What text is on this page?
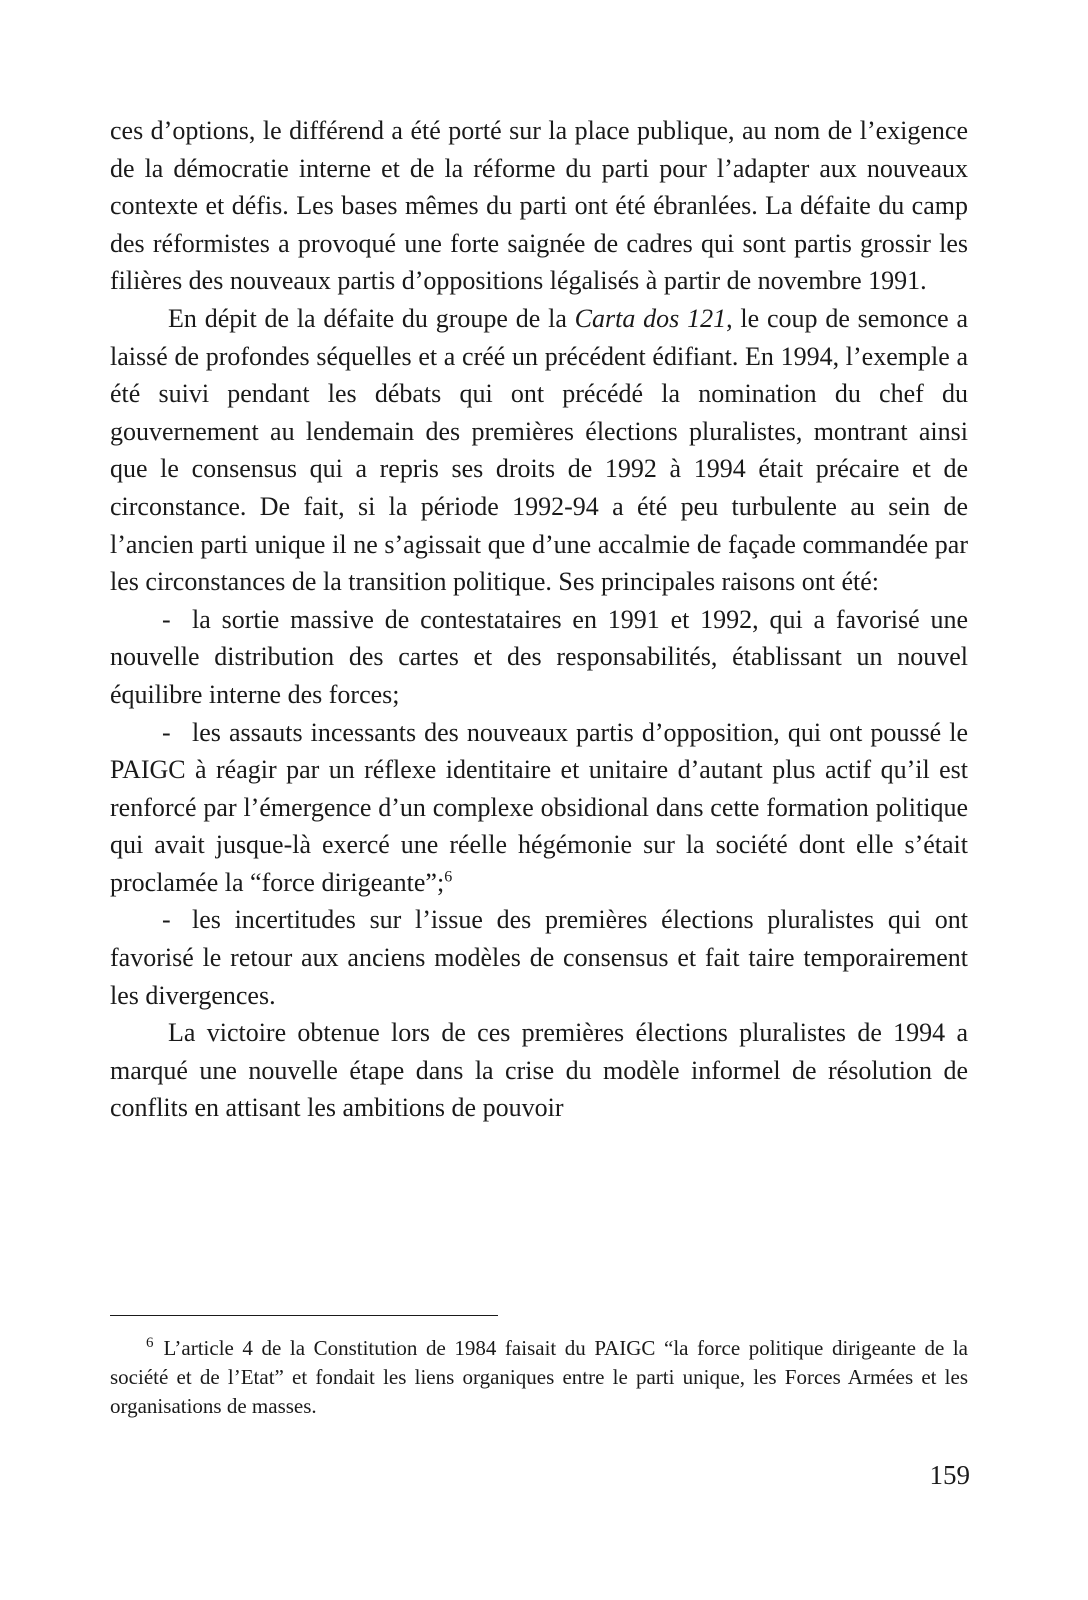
ces d’options, le différend a été porté sur la place publique, au nom de l’exigence de la démocratie interne et de la réforme du parti pour l’adapter aux nouveaux contexte et défis. Les bases mêmes du parti ont été ébranlées. La défaite du camp des réformistes a provoqué une forte saignée de cadres qui sont partis grossir les filières des nouveaux partis d’oppositions légalisés à partir de novembre 1991.

En dépit de la défaite du groupe de la Carta dos 121, le coup de semonce a laissé de profondes séquelles et a créé un précédent édifiant. En 1994, l’exemple a été suivi pendant les débats qui ont précédé la nomination du chef du gouvernement au lendemain des premières élections pluralistes, montrant ainsi que le consensus qui a repris ses droits de 1992 à 1994 était précaire et de circonstance. De fait, si la période 1992-94 a été peu turbulente au sein de l’ancien parti unique il ne s’agissait que d’une accalmie de façade commandée par les circonstances de la transition politique. Ses principales raisons ont été:

- la sortie massive de contestataires en 1991 et 1992, qui a favorisé une nouvelle distribution des cartes et des responsabilités, établissant un nouvel équilibre interne des forces;

- les assauts incessants des nouveaux partis d’opposition, qui ont poussé le PAIGC à réagir par un réflexe identitaire et unitaire d’autant plus actif qu’il est renforcé par l’émergence d’un complexe obsidional dans cette formation politique qui avait jusque-là exercé une réelle hégémonie sur la société dont elle s’était proclamée la “force dirigeante”;$^6$

- les incertitudes sur l’issue des premières élections pluralistes qui ont favorisé le retour aux anciens modèles de consensus et fait taire temporairement les divergences.

La victoire obtenue lors de ces premières élections pluralistes de 1994 a marqué une nouvelle étape dans la crise du modèle informel de résolution de conflits en attisant les ambitions de pouvoir

$^6$ L’article 4 de la Constitution de 1984 faisait du PAIGC “la force politique dirigeante de la société et de l’Etat” et fondait les liens organiques entre le parti unique, les Forces Armées et les organisations de masses.

159
